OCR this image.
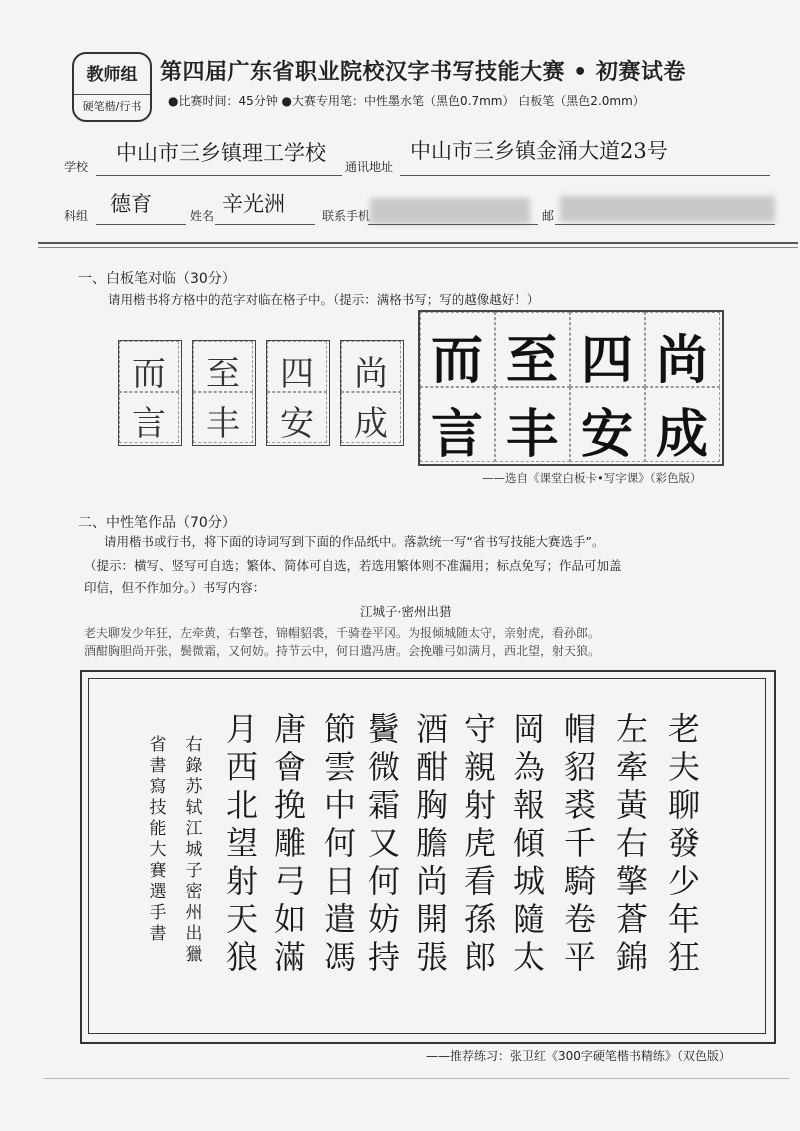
教师组
硬笔楷/行书
第四届广东省职业院校汉字书写技能大赛 • 初赛试卷
●比赛时间：45分钟 ●大赛专用笔：中性墨水笔（黑色0.7mm） 白板笔（黑色2.0mm）
学校
中山市三乡镇理工学校
通讯地址
中山市三乡镇金涌大道23号
科组 德育	姓名 辛光洲	联系手机	邮
一、白板笔对临（30分）
请用楷书将方格中的范字对临在格子中。（提示：满格书写；写的越像越好！）
而
言
至
丰
四
安
尚
成
而 至 四 尚
言 丰 安 成
——选自《课堂白板卡•写字课》（彩色版）
二、中性笔作品（70分）
请用楷书或行书，将下面的诗词写到下面的作品纸中。落款统一写“省书写技能大赛选手”。
（提示：横写、竖写可自选；繁体、简体可自选，若选用繁体则不准漏用；标点免写；作品可加盖
印信，但不作加分。）书写内容：
江城子·密州出猎
老夫聊发少年狂，左牵黄，右擎苍，锦帽貂裘，千骑卷平冈。为报倾城随太守，亲射虎，看孙郎。
酒酣胸胆尚开张，鬓微霜，又何妨。持节云中，何日遣冯唐。会挽雕弓如满月，西北望，射天狼。
老
夫
聊
發
少
年
狂
左
牽
黃
右
擎
蒼
錦
帽
貂
裘
千
騎
卷
平
岡
為
報
傾
城
隨
太
守
親
射
虎
看
孫
郎
酒
酣
胸
膽
尚
開
張
鬢
微
霜
又
何
妨
持
節
雲
中
何
日
遣
馮
唐
會
挽
雕
弓
如
滿
月
西
北
望
射
天
狼
右
錄
苏
轼
江
城
子
密
州
出
獵
省
書
寫
技
能
大
賽
選
手
書
——推荐练习：张卫红《300字硬笔楷书精练》（双色版）
